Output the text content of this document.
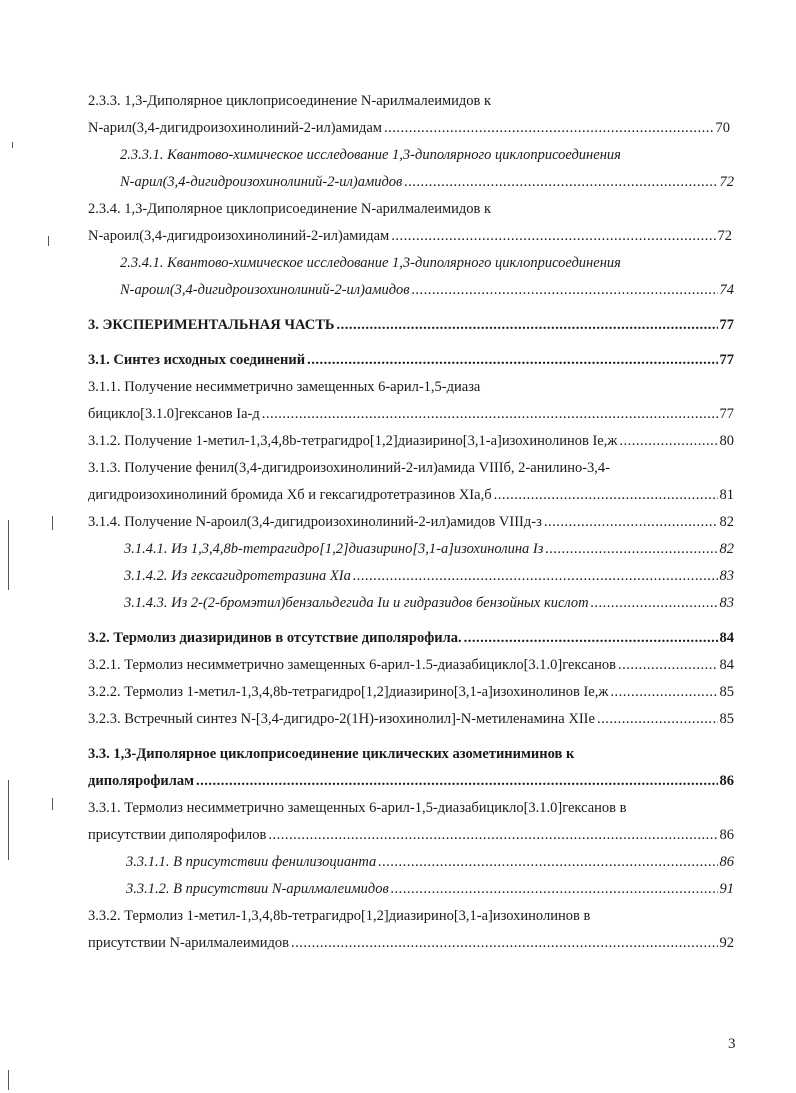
2.3.3. 1,3-Диполярное циклоприсоединение N-арилмалеимидов к
N-арил(3,4-дигидроизохинолиний-2-ил)амидам .....	70
2.3.3.1. Квантово-химическое исследование 1,3-диполярного циклоприсоединения
N-арил(3,4-дигидроизохинолиний-2-ил)амидов .....	72
2.3.4. 1,3-Диполярное циклоприсоединение N-арилмалеимидов к
N-ароил(3,4-дигидроизохинолиний-2-ил)амидам .....	72
2.3.4.1. Квантово-химическое исследование 1,3-диполярного циклоприсоединения
N-ароил(3,4-дигидроизохинолиний-2-ил)амидов .....	74
3. ЭКСПЕРИМЕНТАЛЬНАЯ ЧАСТЬ .....	77
3.1. Синтез исходных соединений .....	77
3.1.1. Получение несимметрично замещенных 6-арил-1,5-диаза
бицикло[3.1.0]гексанов Iа-д .....	77
3.1.2. Получение 1-метил-1,3,4,8b-тетрагидро[1,2]диазирино[3,1-а]изохинолинов Iе,ж .....	80
3.1.3. Получение фенил(3,4-дигидроизохинолиний-2-ил)амида VIIIб, 2-анилино-3,4-
дигидроизохинолиний бромида Xб и гексагидротетразинов XIа,б .....	81
3.1.4. Получение N-ароил(3,4-дигидроизохинолиний-2-ил)амидов VIIIд-з .....	82
3.1.4.1. Из 1,3,4,8b-тетрагидро[1,2]диазирино[3,1-а]изохинолина Iз .....	82
3.1.4.2. Из гексагидротетразина XIа .....	83
3.1.4.3. Из 2-(2-бромэтил)бензальдегида Iи и гидразидов бензойных кислот .....	83
3.2. Термолиз диазиридинов в отсутствие диполярофила. .....	84
3.2.1. Термолиз несимметрично замещенных 6-арил-1.5-диазабицикло[3.1.0]гексанов .....	84
3.2.2. Термолиз 1-метил-1,3,4,8b-тетрагидро[1,2]диазирино[3,1-а]изохинолинов Iе,ж .....	85
3.2.3. Встречный синтез N-[3,4-дигидро-2(1H)-изохинолил]-N-метиленамина XIIе .....	85
3.3. 1,3-Диполярное циклоприсоединение циклических азометиниминов к
диполярофилам .....	86
3.3.1. Термолиз несимметрично замещенных 6-арил-1,5-диазабицикло[3.1.0]гексанов в
присутствии диполярофилов .....	86
3.3.1.1. В присутствии фенилизоцианта .....	86
3.3.1.2. В присутствии N-арилмалеимидов .....	91
3.3.2. Термолиз 1-метил-1,3,4,8b-тетрагидро[1,2]диазирино[3,1-а]изохинолинов в
присутствии N-арилмалеимидов .....	92
3
